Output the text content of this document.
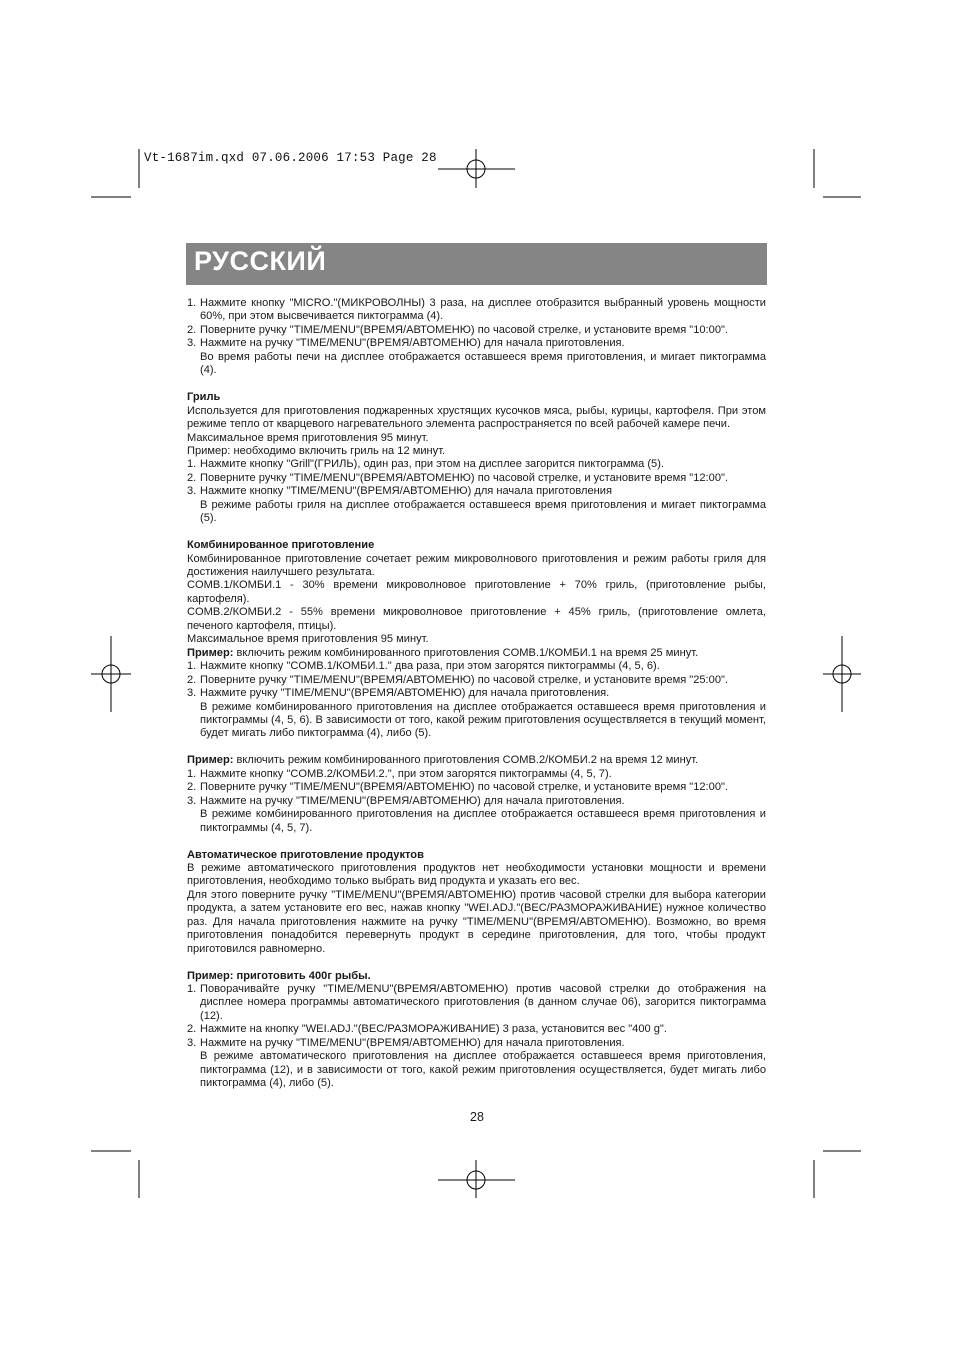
Vt-1687im.qxd 07.06.2006 17:53 Page 28
РУССКИЙ

1. Нажмите кнопку "MICRO."(МИКРОВОЛНЫ) 3 раза, на дисплее отобразится выбранный уровень мощности 60%, при этом высвечивается пиктограмма (4).

2. Поверните ручку "TIME/MENU"(ВРЕМЯ/АВТОМЕНЮ) по часовой стрелке, и установите время "10:00".

3. Нажмите на ручку "TIME/MENU"(ВРЕМЯ/АВТОМЕНЮ) для начала приготовления.

Во время работы печи на дисплее отображается оставшееся время приготовления, и мигает пиктограмма (4).

Гриль

Используется для приготовления поджаренных хрустящих кусочков мяса, рыбы, курицы, картофеля. При этом режиме тепло от кварцевого нагревательного элемента распространяется по всей рабочей камере печи.

Максимальное время приготовления 95 минут.

Пример: необходимо включить гриль на 12 минут.

1. Нажмите кнопку "Grill"(ГРИЛЬ), один раз, при этом на дисплее загорится пиктограмма (5).

2. Поверните ручку "TIME/MENU"(ВРЕМЯ/АВТОМЕНЮ) по часовой стрелке, и установите время "12:00".

3. Нажмите кнопку "TIME/MENU"(ВРЕМЯ/АВТОМЕНЮ) для начала приготовления

В режиме работы гриля на дисплее отображается оставшееся время приготовления и мигает пиктограмма (5).

Комбинированное приготовление

Комбинированное приготовление сочетает режим микроволнового приготовления и режим работы гриля для достижения наилучшего результата.

COMB.1/КОМБИ.1 - 30% времени микроволновое приготовление + 70% гриль, (приготовление рыбы, картофеля).

COMB.2/КОМБИ.2 - 55% времени микроволновое приготовление + 45% гриль, (приготовление омлета, печеного картофеля, птицы).

Максимальное время приготовления 95 минут.

Пример: включить режим комбинированного приготовления COMB.1/КОМБИ.1 на время 25 минут.

1. Нажмите кнопку "COMB.1/КОМБИ.1." два раза, при этом загорятся пиктограммы (4, 5, 6).

2. Поверните ручку "TIME/MENU"(ВРЕМЯ/АВТОМЕНЮ) по часовой стрелке, и установите время "25:00".

3. Нажмите ручку "TIME/MENU"(ВРЕМЯ/АВТОМЕНЮ) для начала приготовления.

В режиме комбинированного приготовления на дисплее отображается оставшееся время приготовления и пиктограммы (4, 5, 6). В зависимости от того, какой режим приготовления осуществляется в текущий момент, будет мигать либо пиктограмма (4), либо (5).

Пример: включить режим комбинированного приготовления COMB.2/КОМБИ.2 на время 12 минут.

1. Нажмите кнопку "COMB.2/КОМБИ.2.", при этом загорятся пиктограммы (4, 5, 7).

2. Поверните ручку "TIME/MENU"(ВРЕМЯ/АВТОМЕНЮ) по часовой стрелке, и установите время "12:00".

3. Нажмите на ручку "TIME/MENU"(ВРЕМЯ/АВТОМЕНЮ) для начала приготовления.

В режиме комбинированного приготовления на дисплее отображается оставшееся время приготовления и пиктограммы (4, 5, 7).

Автоматическое приготовление продуктов

В режиме автоматического приготовления продуктов нет необходимости установки мощности и времени приготовления, необходимо только выбрать вид продукта и указать его вес.

Для этого поверните ручку "TIME/MENU"(ВРЕМЯ/АВТОМЕНЮ) против часовой стрелки для выбора категории продукта, а затем установите его вес, нажав кнопку "WEI.ADJ."(ВЕС/РАЗМОРАЖИВАНИЕ) нужное количество раз. Для начала приготовления нажмите на ручку "TIME/MENU"(ВРЕМЯ/АВТОМЕНЮ). Возможно, во время приготовления понадобится перевернуть продукт в середине приготовления, для того, чтобы продукт приготовился равномерно.

Пример: приготовить 400г рыбы.

1. Поворачивайте ручку "TIME/MENU"(ВРЕМЯ/АВТОМЕНЮ) против часовой стрелки до отображения на дисплее номера программы автоматического приготовления (в данном случае 06), загорится пиктограмма (12).

2. Нажмите на кнопку "WEI.ADJ."(ВЕС/РАЗМОРАЖИВАНИЕ) 3 раза, установится вес "400 g".

3. Нажмите на ручку "TIME/MENU"(ВРЕМЯ/АВТОМЕНЮ) для начала приготовления.

В режиме автоматического приготовления на дисплее отображается оставшееся время приготовления, пиктограмма (12), и в зависимости от того, какой режим приготовления осуществляется, будет мигать либо пиктограмма (4), либо (5).

28
